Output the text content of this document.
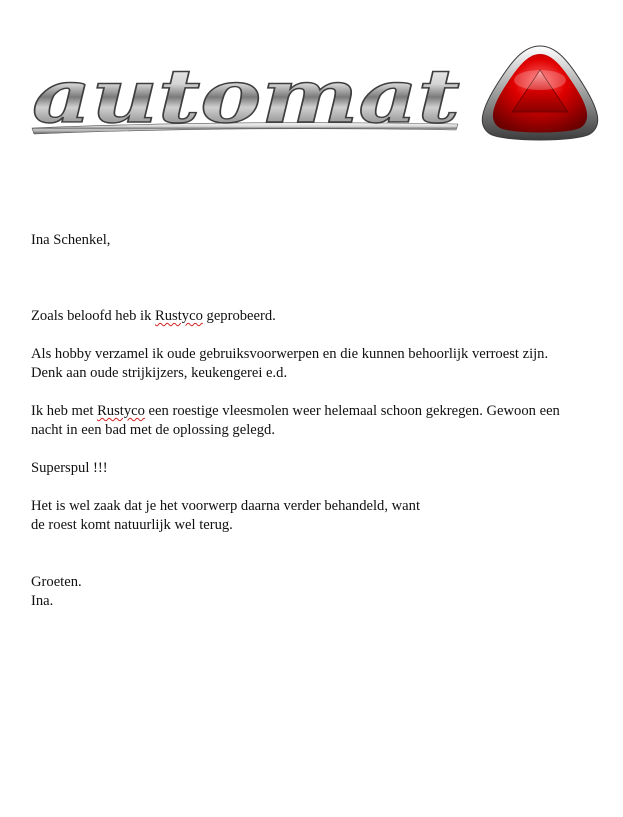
automat

Ina Schenkel,

Zoals beloofd heb ik Rustyco geprobeerd.

Als hobby verzamel ik oude gebruiksvoorwerpen en die kunnen behoorlijk verroest zijn.

Denk aan oude strijkijzers, keukengerei e.d.

Ik heb met Rustyco een roestige vleesmolen weer helemaal schoon gekregen. Gewoon een

nacht in een bad met de oplossing gelegd.

Superspul !!!

Het is wel zaak dat je het voorwerp daarna verder behandeld, want

de roest komt natuurlijk wel terug.

Groeten.

Ina.
